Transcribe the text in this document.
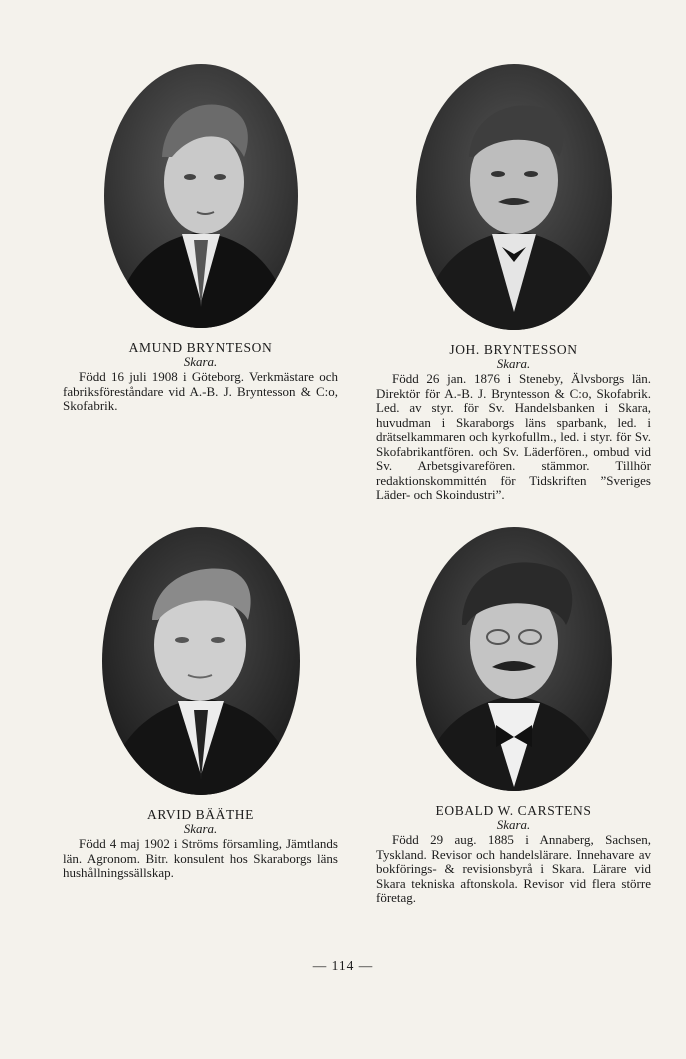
AMUND BRYNTESON
Skara.
Född 16 juli 1908 i Göteborg. Verkmästare och fabriksföreståndare vid A.-B. J. Bryntesson & C:o, Skofabrik.
JOH. BRYNTESSON
Skara.
Född 26 jan. 1876 i Steneby, Älvsborgs län. Direktör för A.-B. J. Bryntesson & C:o, Skofabrik. Led. av styr. för Sv. Handelsbanken i Skara, huvudman i Skaraborgs läns sparbank, led. i drätselkammaren och kyrkofullm., led. i styr. för Sv. Skofabrikantfören. och Sv. Läderfören., ombud vid Sv. Arbetsgivarefören. stämmor. Tillhör redaktionskommittén för Tidskriften ”Sveriges Läder- och Skoindustri”.
ARVID BÄÄTHE
Skara.
Född 4 maj 1902 i Ströms församling, Jämtlands län. Agronom. Bitr. konsulent hos Skaraborgs läns hushållningssällskap.
EOBALD W. CARSTENS
Skara.
Född 29 aug. 1885 i Annaberg, Sachsen, Tyskland. Revisor och handelslärare. Innehavare av bokförings- & revisionsbyrå i Skara. Lärare vid Skara tekniska aftonskola. Revisor vid flera större företag.
— 114 —
